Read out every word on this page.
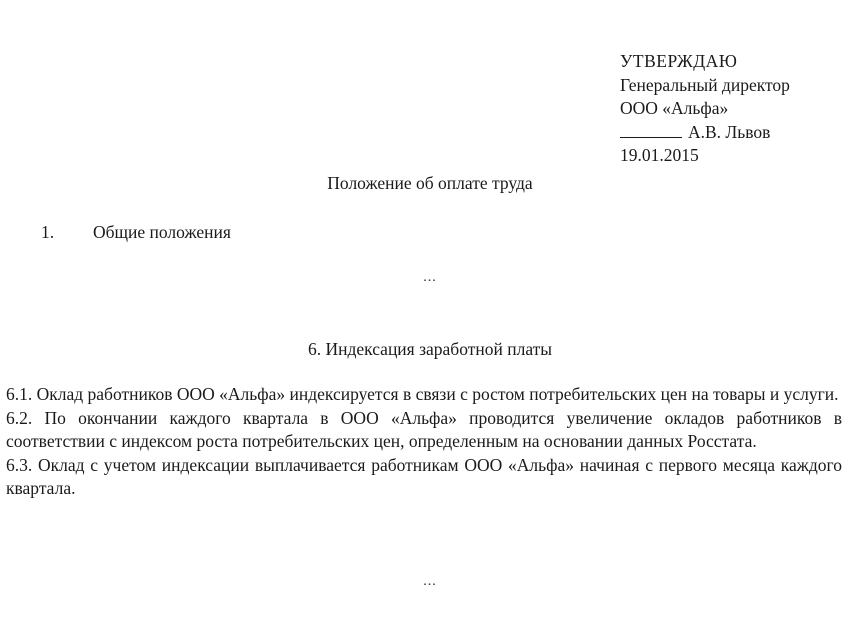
УТВЕРЖДАЮ
Генеральный директор
ООО «Альфа»
А.В. Львов
19.01.2015
Положение об оплате труда
1. Общие положения
...
6. Индексация заработной платы

6.1. Оклад работников ООО «Альфа» индексируется в связи с ростом потребительских цен на товары и услуги.

6.2. По окончании каждого квартала в ООО «Альфа» проводится увеличение окладов работников в соответствии с индексом роста потребительских цен, определенным на основании данных Росстата.

6.3. Оклад с учетом индексации выплачивается работникам ООО «Альфа» начиная с первого месяца каждого квартала.

...
